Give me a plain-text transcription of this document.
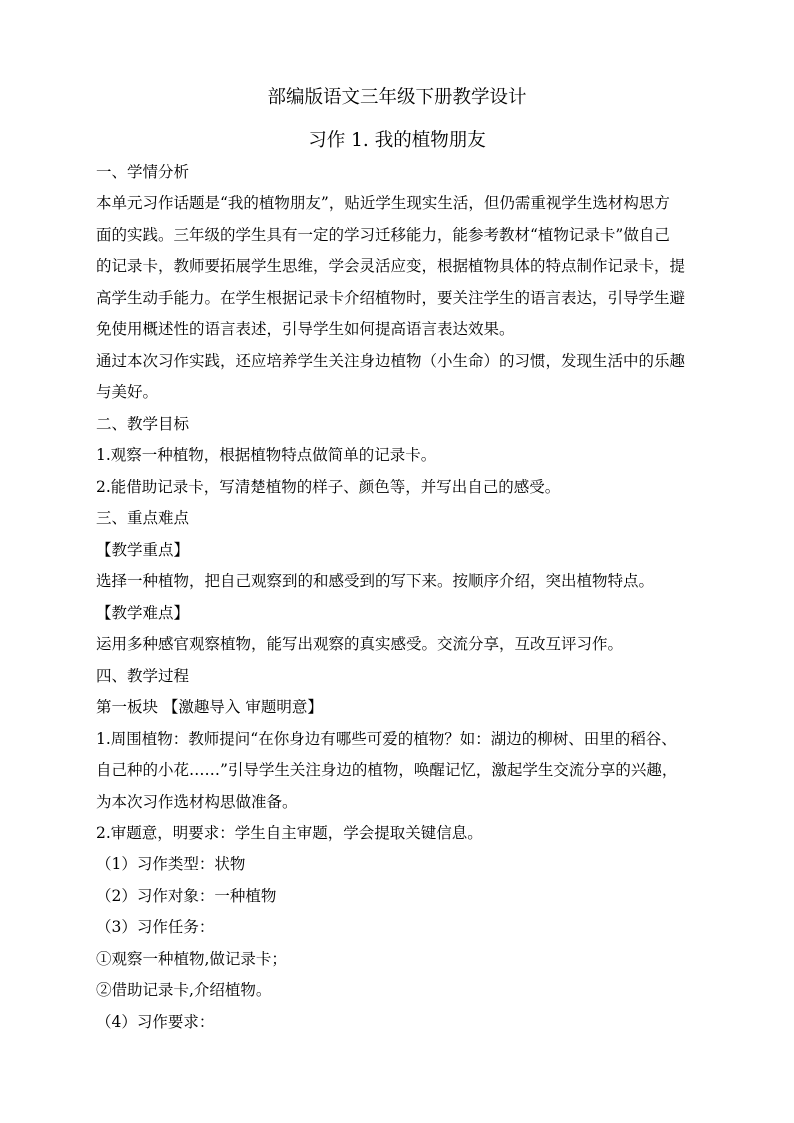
部编版语文三年级下册教学设计
习作 1. 我的植物朋友
一、学情分析
本单元习作话题是“我的植物朋友”，贴近学生现实生活，但仍需重视学生选材构思方
面的实践。三年级的学生具有一定的学习迁移能力，能参考教材“植物记录卡”做自己
的记录卡，教师要拓展学生思维，学会灵活应变，根据植物具体的特点制作记录卡，提
高学生动手能力。在学生根据记录卡介绍植物时，要关注学生的语言表达，引导学生避
免使用概述性的语言表述，引导学生如何提高语言表达效果。
通过本次习作实践，还应培养学生关注身边植物（小生命）的习惯，发现生活中的乐趣
与美好。
二、教学目标
1.观察一种植物，根据植物特点做简单的记录卡。
2.能借助记录卡，写清楚植物的样子、颜色等，并写出自己的感受。
三、重点难点
【教学重点】
选择一种植物，把自己观察到的和感受到的写下来。按顺序介绍，突出植物特点。
【教学难点】
运用多种感官观察植物，能写出观察的真实感受。交流分享，互改互评习作。
四、教学过程
第一板块 【激趣导入 审题明意】
1.周围植物：教师提问“在你身边有哪些可爱的植物？如：湖边的柳树、田里的稻谷、
自己种的小花……”引导学生关注身边的植物，唤醒记忆，激起学生交流分享的兴趣，
为本次习作选材构思做准备。
2.审题意，明要求：学生自主审题，学会提取关键信息。
（1）习作类型：状物
（2）习作对象：一种植物
（3）习作任务：
①观察一种植物,做记录卡；
②借助记录卡,介绍植物。
（4）习作要求：
